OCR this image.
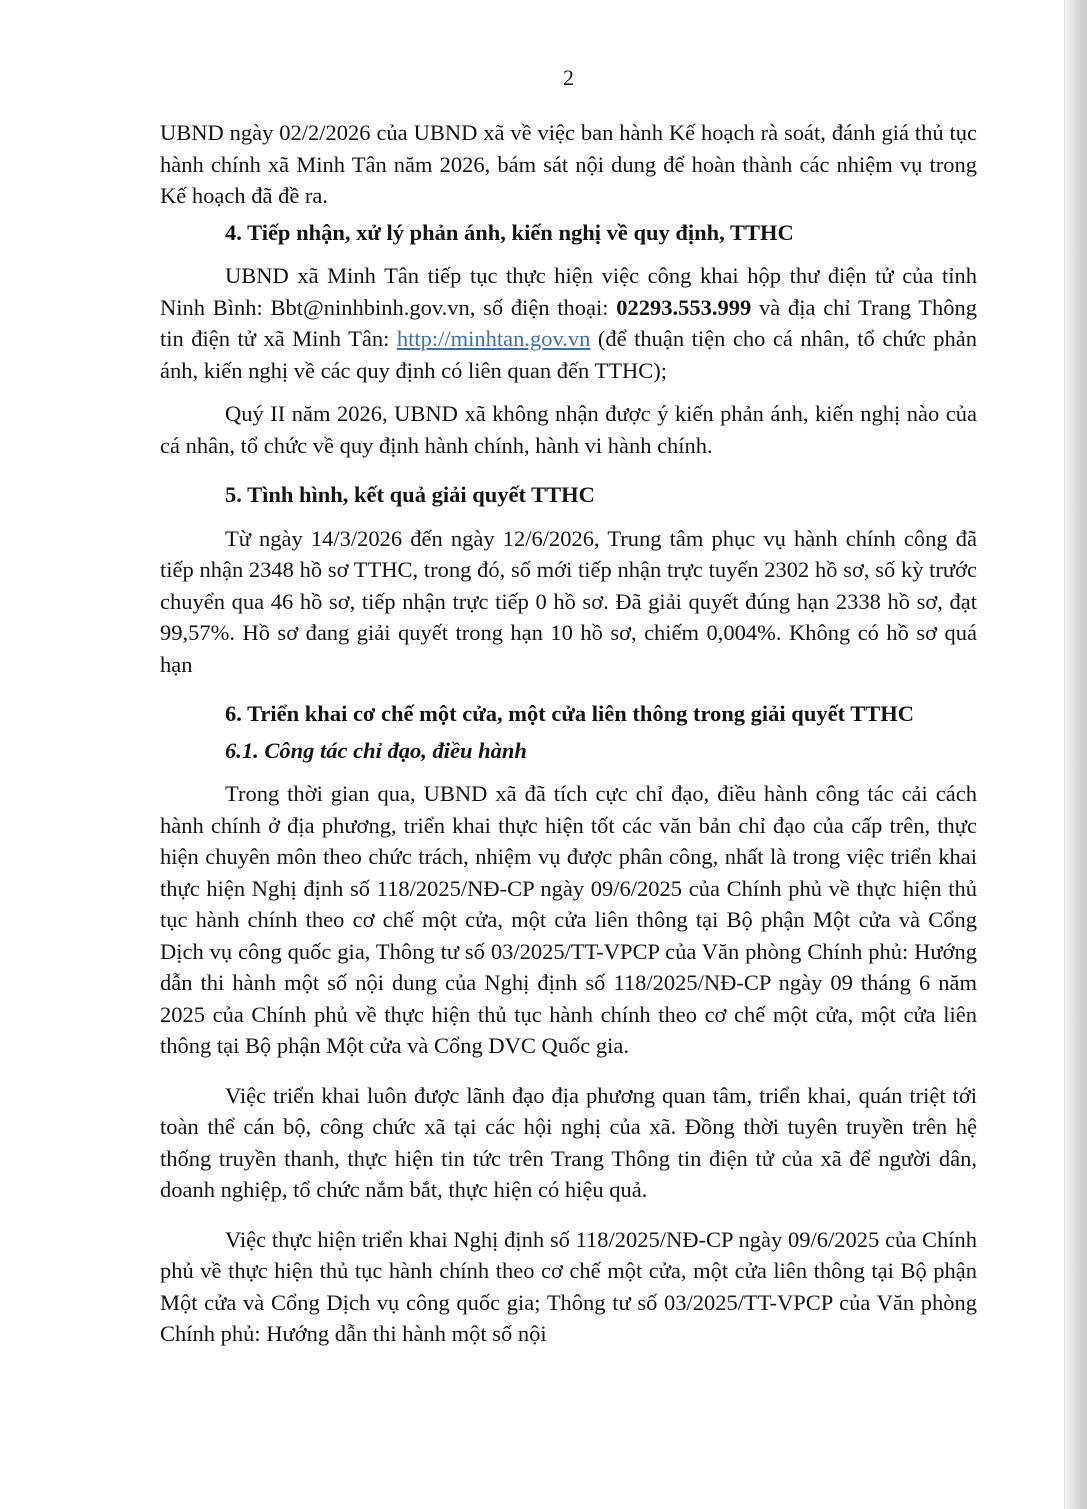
2

UBND ngày 02/2/2026 của UBND xã về việc ban hành Kế hoạch rà soát, đánh giá thủ tục hành chính xã Minh Tân năm 2026, bám sát nội dung để hoàn thành các nhiệm vụ trong Kế hoạch đã đề ra.

4. Tiếp nhận, xử lý phản ánh, kiến nghị về quy định, TTHC

UBND xã Minh Tân tiếp tục thực hiện việc công khai hộp thư điện tử của tỉnh Ninh Bình: Bbt@ninhbinh.gov.vn, số điện thoại: 02293.553.999 và địa chỉ Trang Thông tin điện tử xã Minh Tân: http://minhtan.gov.vn (để thuận tiện cho cá nhân, tổ chức phản ánh, kiến nghị về các quy định có liên quan đến TTHC);

Quý II năm 2026, UBND xã không nhận được ý kiến phản ánh, kiến nghị nào của cá nhân, tổ chức về quy định hành chính, hành vi hành chính.

5. Tình hình, kết quả giải quyết TTHC

Từ ngày 14/3/2026 đến ngày 12/6/2026, Trung tâm phục vụ hành chính công đã tiếp nhận 2348 hồ sơ TTHC, trong đó, số mới tiếp nhận trực tuyến 2302 hồ sơ, số kỳ trước chuyển qua 46 hồ sơ, tiếp nhận trực tiếp 0 hồ sơ. Đã giải quyết đúng hạn 2338 hồ sơ, đạt 99,57%. Hồ sơ đang giải quyết trong hạn 10 hồ sơ, chiếm 0,004%. Không có hồ sơ quá hạn

6. Triển khai cơ chế một cửa, một cửa liên thông trong giải quyết TTHC

6.1. Công tác chỉ đạo, điều hành

Trong thời gian qua, UBND xã đã tích cực chỉ đạo, điều hành công tác cải cách hành chính ở địa phương, triển khai thực hiện tốt các văn bản chỉ đạo của cấp trên, thực hiện chuyên môn theo chức trách, nhiệm vụ được phân công, nhất là trong việc triển khai thực hiện Nghị định số 118/2025/NĐ-CP ngày 09/6/2025 của Chính phủ về thực hiện thủ tục hành chính theo cơ chế một cửa, một cửa liên thông tại Bộ phận Một cửa và Cổng Dịch vụ công quốc gia, Thông tư số 03/2025/TT-VPCP của Văn phòng Chính phủ: Hướng dẫn thi hành một số nội dung của Nghị định số 118/2025/NĐ-CP ngày 09 tháng 6 năm 2025 của Chính phủ về thực hiện thủ tục hành chính theo cơ chế một cửa, một cửa liên thông tại Bộ phận Một cửa và Cổng DVC Quốc gia.

Việc triển khai luôn được lãnh đạo địa phương quan tâm, triển khai, quán triệt tới toàn thể cán bộ, công chức xã tại các hội nghị của xã. Đồng thời tuyên truyền trên hệ thống truyền thanh, thực hiện tin tức trên Trang Thông tin điện tử của xã để người dân, doanh nghiệp, tổ chức nắm bắt, thực hiện có hiệu quả.

Việc thực hiện triển khai Nghị định số 118/2025/NĐ-CP ngày 09/6/2025 của Chính phủ về thực hiện thủ tục hành chính theo cơ chế một cửa, một cửa liên thông tại Bộ phận Một cửa và Cổng Dịch vụ công quốc gia; Thông tư số 03/2025/TT-VPCP của Văn phòng Chính phủ: Hướng dẫn thi hành một số nội
